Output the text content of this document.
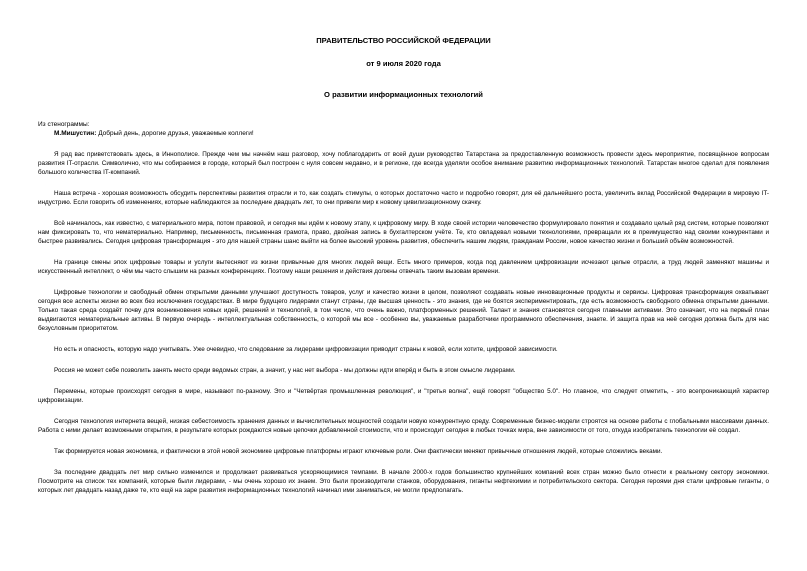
ПРАВИТЕЛЬСТВО РОССИЙСКОЙ ФЕДЕРАЦИИ
от 9 июля 2020 года
О развитии информационных технологий
Из стенограммы:
М.Мишустин: Добрый день, дорогие друзья, уважаемые коллеги!

Я рад вас приветствовать здесь, в Иннополисе. Прежде чем мы начнём наш разговор, хочу поблагодарить от всей души руководство Татарстана за предоставленную возможность провести здесь мероприятие, посвящённое вопросам развития IT-отрасли. Символично, что мы собираемся в городе, который был построен с нуля совсем недавно, и в регионе, где всегда уделяли особое внимание развитию информационных технологий. Татарстан многое сделал для появления большого количества IT-компаний.

Наша встреча - хорошая возможность обсудить перспективы развития отрасли и то, как создать стимулы, о которых достаточно часто и подробно говорят, для её дальнейшего роста, увеличить вклад Российской Федерации в мировую IT-индустрию. Если говорить об изменениях, которые наблюдаются за последние двадцать лет, то они привели мир к новому цивилизационному скачку.

Всё начиналось, как известно, с материального мира, потом правовой, и сегодня мы идём к новому этапу, к цифровому миру. В ходе своей истории человечество формулировало понятия и создавало целый ряд систем, которые позволяют нам фиксировать то, что нематериально. Например, письменность, письменная грамота, право, двойная запись в бухгалтерском учёте. Те, кто овладевал новыми технологиями, превращали их в преимущество над своими конкурентами и быстрее развивались. Сегодня цифровая трансформация - это для нашей страны шанс выйти на более высокий уровень развития, обеспечить нашим людям, гражданам России, новое качество жизни и больший объём возможностей.

На границе смены эпох цифровые товары и услуги вытесняют из жизни привычные для многих людей вещи. Есть много примеров, когда под давлением цифровизации исчезают целые отрасли, а труд людей заменяют машины и искусственный интеллект, о чём мы часто слышим на разных конференциях. Поэтому наши решения и действия должны отвечать таким вызовам времени.

Цифровые технологии и свободный обмен открытыми данными улучшают доступность товаров, услуг и качество жизни в целом, позволяют создавать новые инновационные продукты и сервисы. Цифровая трансформация охватывает сегодня все аспекты жизни во всех без исключения государствах. В мире будущего лидерами станут страны, где высшая ценность - это знания, где не боятся экспериментировать, где есть возможность свободного обмена открытыми данными. Только такая среда создаёт почву для возникновения новых идей, решений и технологий, в том числе, что очень важно, платформенных решений. Талант и знания становятся сегодня главными активами. Это означает, что на первый план выдвигаются нематериальные активы. В первую очередь - интеллектуальная собственность, о которой мы все - особенно вы, уважаемые разработчики программного обеспечения, знаете. И защита прав на неё сегодня должна быть для нас безусловным приоритетом.

Но есть и опасность, которую надо учитывать. Уже очевидно, что следование за лидерами цифровизации приводит страны к новой, если хотите, цифровой зависимости.

Россия не может себе позволить занять место среди ведомых стран, а значит, у нас нет выбора - мы должны идти вперёд и быть в этом смысле лидерами.

Перемены, которые происходят сегодня в мире, называют по-разному. Это и "Четвёртая промышленная революция", и "третья волна", ещё говорят "общество 5.0". Но главное, что следует отметить, - это всепроникающий характер цифровизации.

Сегодня технология интернета вещей, низкая себестоимость хранения данных и вычислительных мощностей создали новую конкурентную среду. Современные бизнес-модели строятся на основе работы с глобальными массивами данных. Работа с ними делает возможными открытия, в результате которых рождаются новые цепочки добавленной стоимости, что и происходит сегодня в любых точках мира, вне зависимости от того, откуда изобретатель технологии её создал.

Так формируется новая экономика, и фактически в этой новой экономике цифровые платформы играют ключевые роли. Они фактически меняют привычные отношения людей, которые сложились веками.

За последние двадцать лет мир сильно изменился и продолжает развиваться ускоряющимися темпами. В начале 2000-х годов большинство крупнейших компаний всех стран можно было отнести к реальному сектору экономики. Посмотрите на список тех компаний, которые были лидерами, - мы очень хорошо их знаем. Это были производители станков, оборудования, гиганты нефтехимии и потребительского сектора. Сегодня героями дня стали цифровые гиганты, о которых лет двадцать назад даже те, кто ещё на заре развития информационных технологий начинал ими заниматься, не могли предполагать.
